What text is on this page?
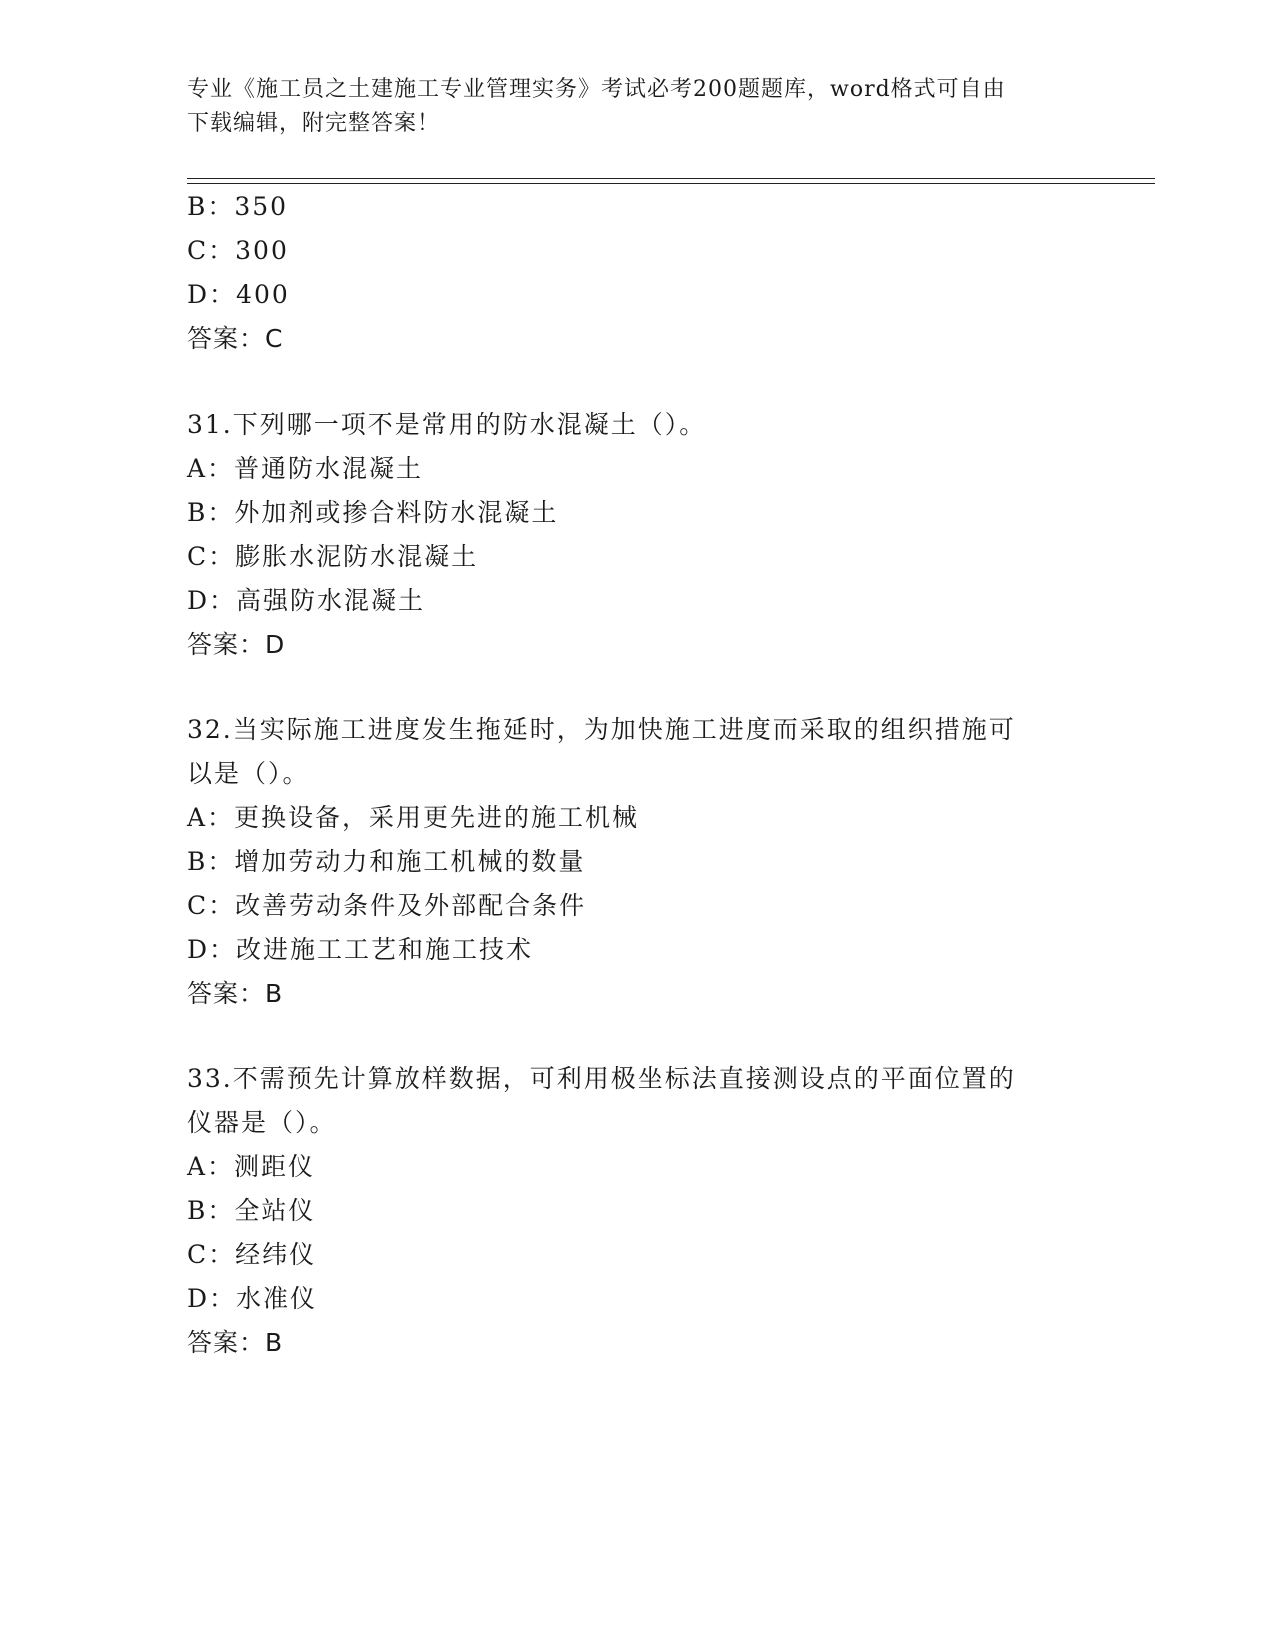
专业《施工员之土建施工专业管理实务》考试必考200题题库，word格式可自由
下载编辑，附完整答案！
B：350
C：300
D：400
答案：C
31.下列哪一项不是常用的防水混凝土（）。
A：普通防水混凝土
B：外加剂或掺合料防水混凝土
C：膨胀水泥防水混凝土
D：高强防水混凝土
答案：D
32.当实际施工进度发生拖延时，为加快施工进度而采取的组织措施可
以是（）。
A：更换设备，采用更先进的施工机械
B：增加劳动力和施工机械的数量
C：改善劳动条件及外部配合条件
D：改进施工工艺和施工技术
答案：B
33.不需预先计算放样数据，可利用极坐标法直接测设点的平面位置的
仪器是（）。
A：测距仪
B：全站仪
C：经纬仪
D：水准仪
答案：B
